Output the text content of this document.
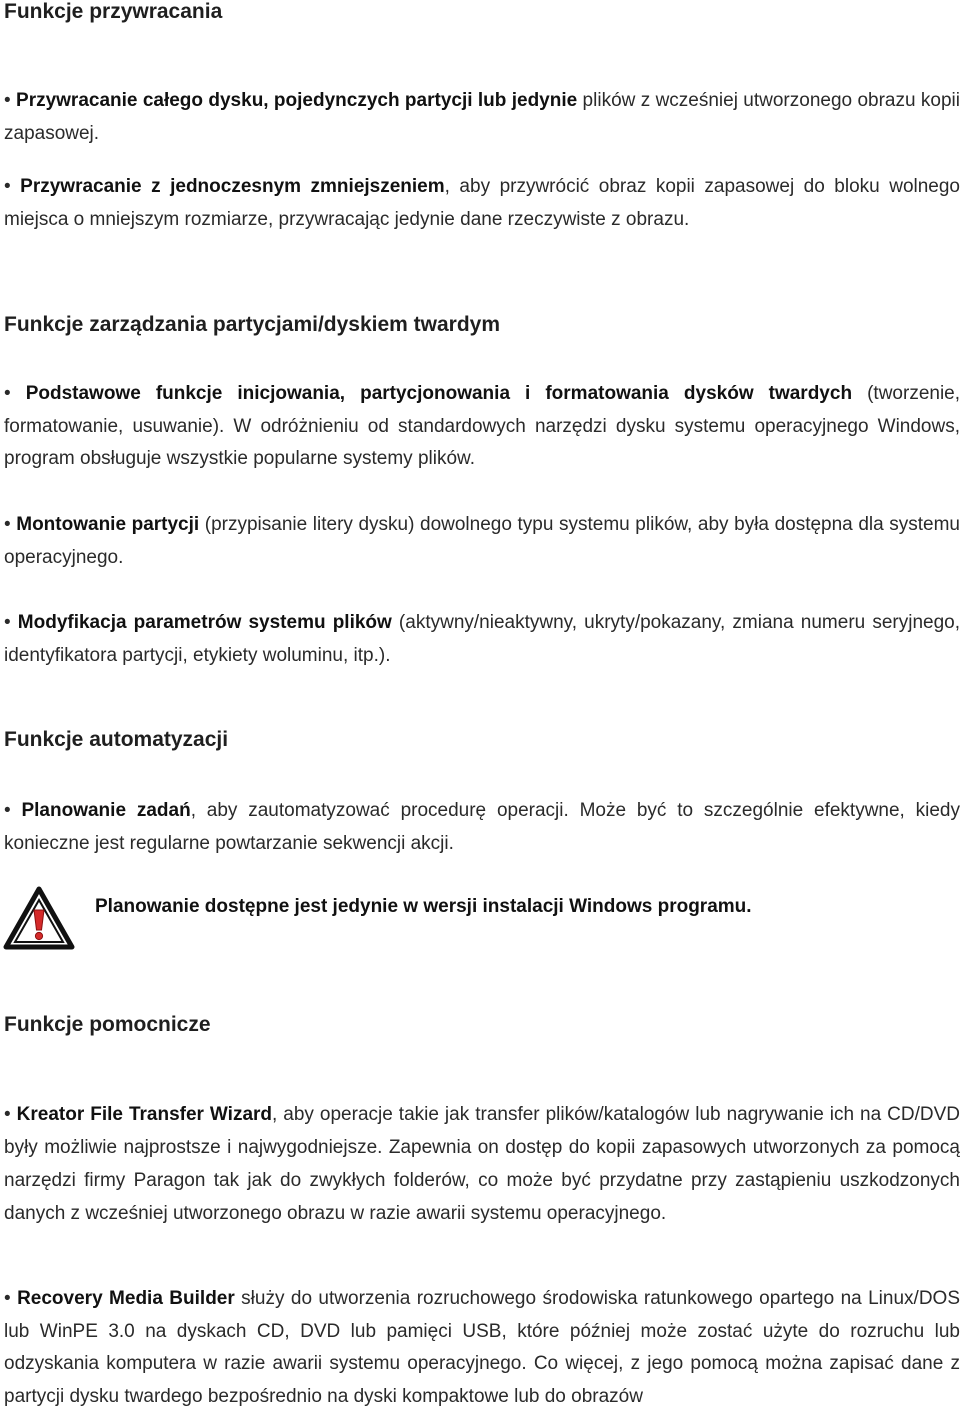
Funkcje przywracania

• Przywracanie całego dysku, pojedynczych partycji lub jedynie plików z wcześniej utworzonego obrazu kopii zapasowej.

• Przywracanie z jednoczesnym zmniejszeniem, aby przywrócić obraz kopii zapasowej do bloku wolnego miejsca o mniejszym rozmiarze, przywracając jedynie dane rzeczywiste z obrazu.

Funkcje zarządzania partycjami/dyskiem twardym

• Podstawowe funkcje inicjowania, partycjonowania i formatowania dysków twardych (tworzenie, formatowanie, usuwanie). W odróżnieniu od standardowych narzędzi dysku systemu operacyjnego Windows, program obsługuje wszystkie popularne systemy plików.

• Montowanie partycji (przypisanie litery dysku) dowolnego typu systemu plików, aby była dostępna dla systemu operacyjnego.

• Modyfikacja parametrów systemu plików (aktywny/nieaktywny, ukryty/pokazany, zmiana numeru seryjnego, identyfikatora partycji, etykiety woluminu, itp.).

Funkcje automatyzacji

• Planowanie zadań, aby zautomatyzować procedurę operacji. Może być to szczególnie efektywne, kiedy konieczne jest regularne powtarzanie sekwencji akcji.

Planowanie dostępne jest jedynie w wersji instalacji Windows programu.
Funkcje pomocnicze

• Kreator File Transfer Wizard, aby operacje takie jak transfer plików/katalogów lub nagrywanie ich na CD/DVD były możliwie najprostsze i najwygodniejsze. Zapewnia on dostęp do kopii zapasowych utworzonych za pomocą narzędzi firmy Paragon tak jak do zwykłych folderów, co może być przydatne przy zastąpieniu uszkodzonych danych z wcześniej utworzonego obrazu w razie awarii systemu operacyjnego.

• Recovery Media Builder służy do utworzenia rozruchowego środowiska ratunkowego opartego na Linux/DOS lub WinPE 3.0 na dyskach CD, DVD lub pamięci USB, które później może zostać użyte do rozruchu lub odzyskania komputera w razie awarii systemu operacyjnego. Co więcej, z jego pomocą można zapisać dane z partycji dysku twardego bezpośrednio na dyski kompaktowe lub do obrazów
